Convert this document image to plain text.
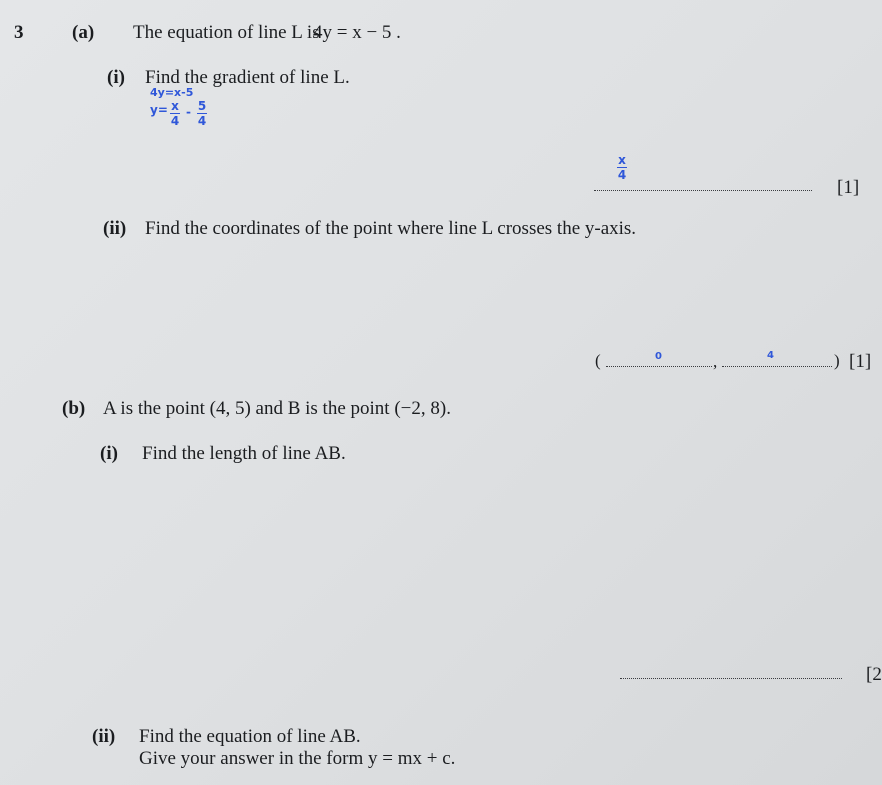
3	(a) The equation of line L is
4y = x − 5 .
(i) Find the gradient of line L.
4y=x-5
y= x
4
- 5
4
x
4
[1]
(ii) Find the coordinates of the point where line L crosses the y-axis.
(	0	,	4	) [1]
(b) A is the point (4, 5) and B is the point (−2, 8).
(i) Find the length of line AB.
[2
(ii) Find the equation of line AB.
Give your answer in the form y = mx + c.
